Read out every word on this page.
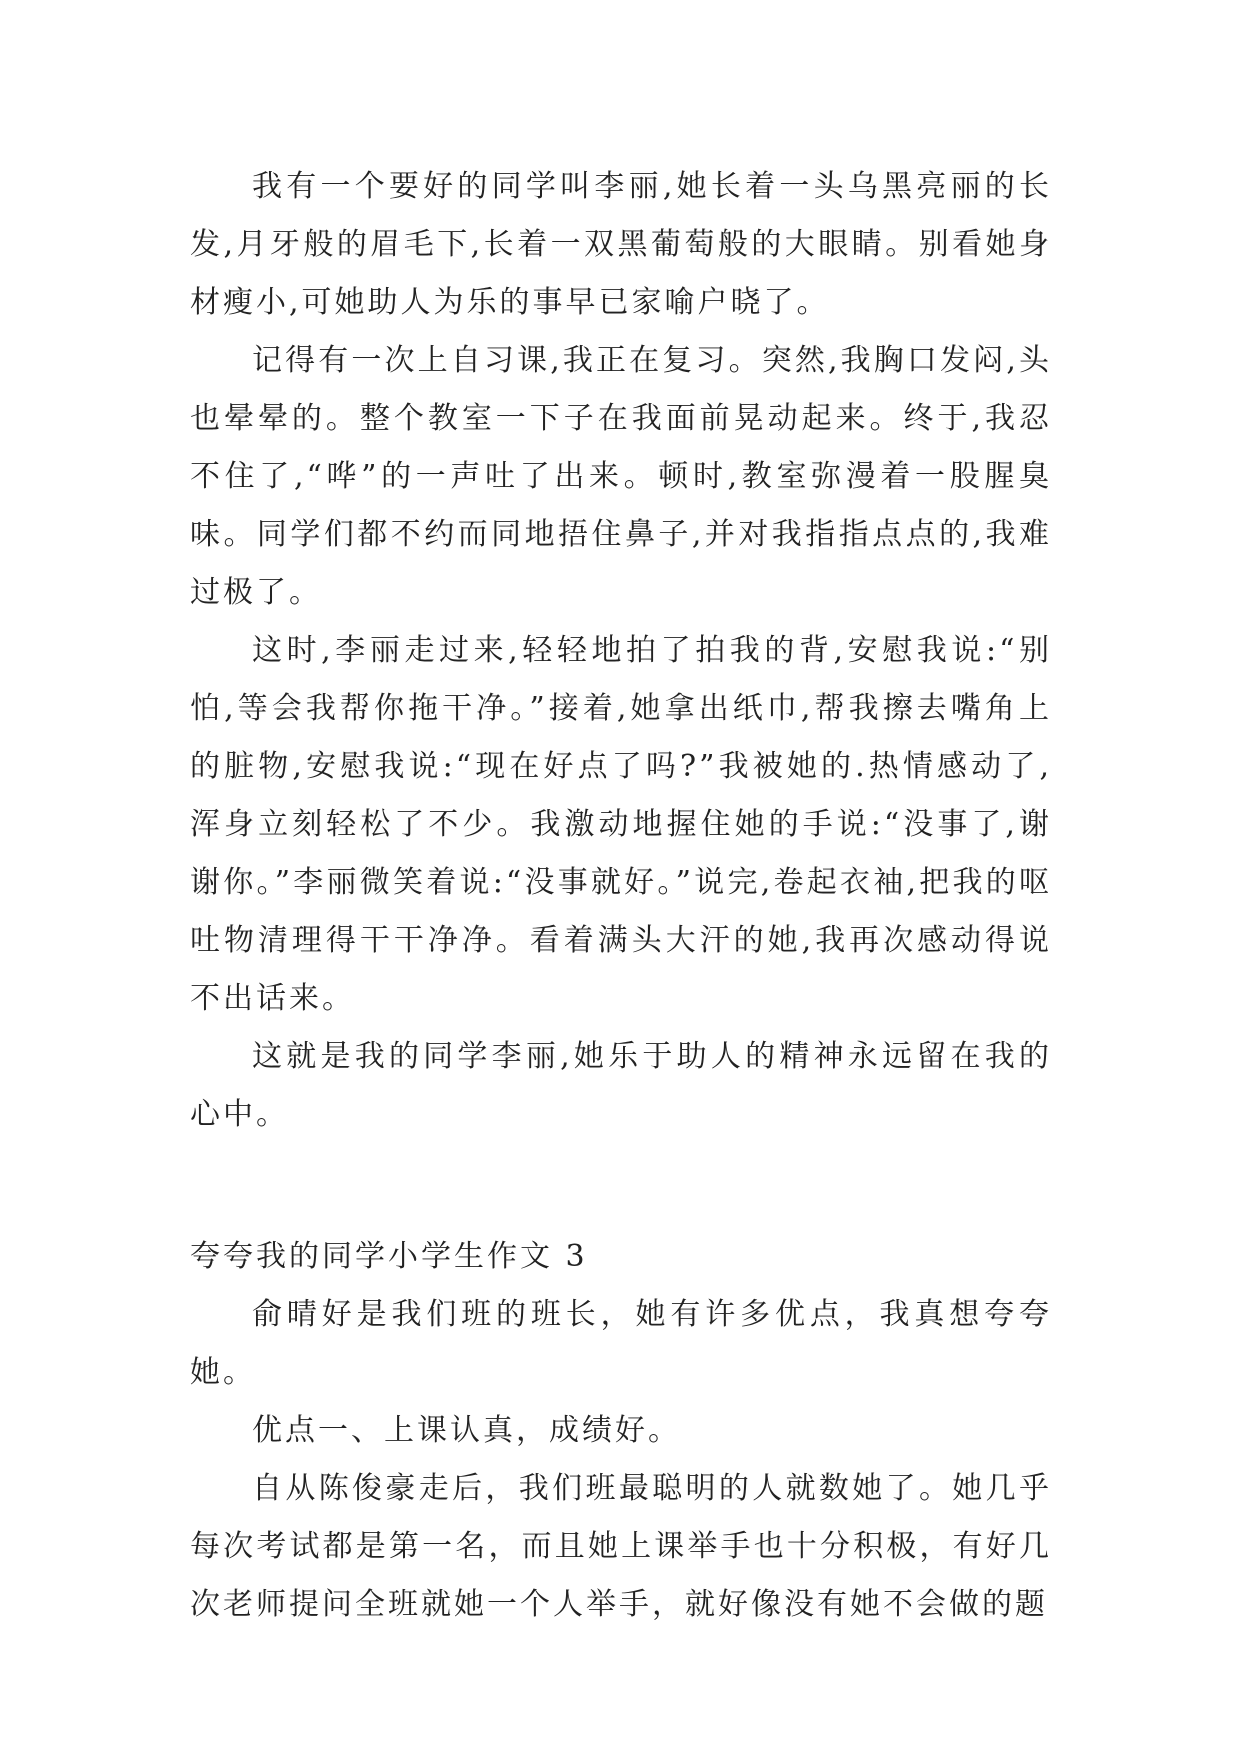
我有一个要好的同学叫李丽,她长着一头乌黑亮丽的长发,月牙般的眉毛下,长着一双黑葡萄般的大眼睛。别看她身材瘦小,可她助人为乐的事早已家喻户晓了。

记得有一次上自习课,我正在复习。突然,我胸口发闷,头也晕晕的。整个教室一下子在我面前晃动起来。终于,我忍不住了,“哗”的一声吐了出来。顿时,教室弥漫着一股腥臭味。同学们都不约而同地捂住鼻子,并对我指指点点的,我难过极了。

这时,李丽走过来,轻轻地拍了拍我的背,安慰我说:“别怕,等会我帮你拖干净。”接着,她拿出纸巾,帮我擦去嘴角上的脏物,安慰我说:“现在好点了吗?”我被她的.热情感动了,浑身立刻轻松了不少。我激动地握住她的手说:“没事了,谢谢你。”李丽微笑着说:“没事就好。”说完,卷起衣袖,把我的呕吐物清理得干干净净。看着满头大汗的她,我再次感动得说不出话来。

这就是我的同学李丽,她乐于助人的精神永远留在我的心中。

夸夸我的同学小学生作文 3

俞晴好是我们班的班长，她有许多优点，我真想夸夸她。

优点一、上课认真，成绩好。

自从陈俊豪走后，我们班最聪明的人就数她了。她几乎每次考试都是第一名，而且她上课举手也十分积极，有好几次老师提问全班就她一个人举手，就好像没有她不会做的题
